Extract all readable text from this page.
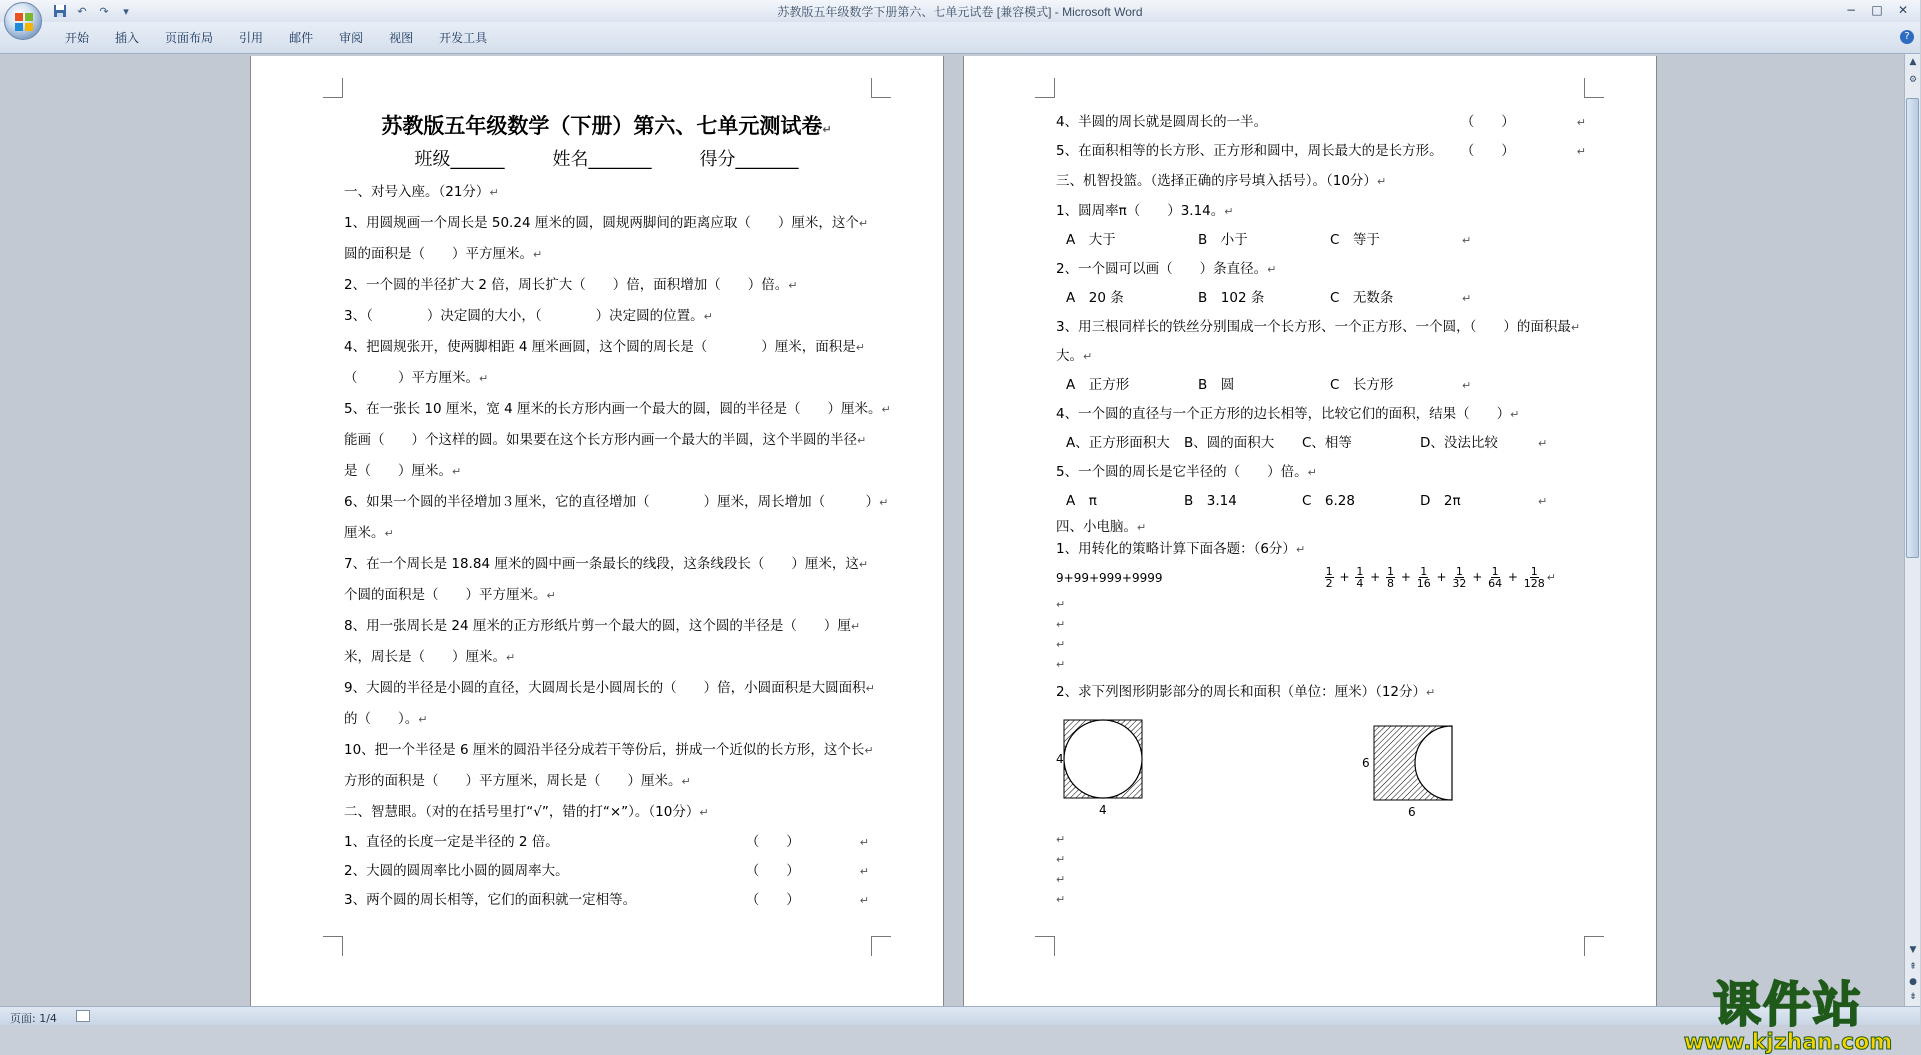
↶	↷	▾	苏教版五年级数学下册第六、七单元试卷 [兼容模式] - Microsoft Word	−	□	✕
开始	插入	页面布局	引用	邮件	审阅	视图	开发工具	?
苏教版五年级数学（下册）第六、七单元测试卷↵
班级______	姓名_______	得分_______
一、对号入座。（21分）↵
1、用圆规画一个周长是 50.24 厘米的圆，圆规两脚间的距离应取（　　）厘米，这个↵
圆的面积是（　　）平方厘米。↵
2、一个圆的半径扩大 2 倍，周长扩大（　　）倍，面积增加（　　）倍。↵
3、（　　　　）决定圆的大小，（　　　　）决定圆的位置。↵
4、把圆规张开，使两脚相距 4 厘米画圆，这个圆的周长是（　　　　）厘米，面积是↵
（　　　）平方厘米。↵
5、在一张长 10 厘米，宽 4 厘米的长方形内画一个最大的圆，圆的半径是（　　）厘米。↵
能画（　　）个这样的圆。如果要在这个长方形内画一个最大的半圆，这个半圆的半径↵
是（　　）厘米。↵
6、如果一个圆的半径增加３厘米，它的直径增加（　　　　）厘米，周长增加（　　　）↵
厘米。↵
7、在一个周长是 18.84 厘米的圆中画一条最长的线段，这条线段长（　　）厘米，这↵
个圆的面积是（　　）平方厘米。↵
8、用一张周长是 24 厘米的正方形纸片剪一个最大的圆，这个圆的半径是（　　）厘↵
米，周长是（　　）厘米。↵
9、大圆的半径是小圆的直径，大圆周长是小圆周长的（　　）倍，小圆面积是大圆面积↵
的（　　）。↵
10、把一个半径是 6 厘米的圆沿半径分成若干等份后，拼成一个近似的长方形，这个长↵
方形的面积是（　　）平方厘米，周长是（　　）厘米。↵
二、智慧眼。（对的在括号里打“√”，错的打“×”）。（10分）↵
1、直径的长度一定是半径的 2 倍。	（　　）	↵
2、大圆的圆周率比小圆的圆周率大。	（　　）	↵
3、两个圆的周长相等，它们的面积就一定相等。	（　　）	↵
4、半圆的周长就是圆周长的一半。	（　　）	↵
5、在面积相等的长方形、正方形和圆中，周长最大的是长方形。	（　　）	↵
三、机智投篮。（选择正确的序号填入括号）。（10分）↵
1、圆周率π（　　）3.14。↵
A　大于	B　小于	C　等于	↵
2、一个圆可以画（　　）条直径。↵
A　20 条	B　102 条	C　无数条	↵
3、用三根同样长的铁丝分别围成一个长方形、一个正方形、一个圆，（　　）的面积最↵
大。↵
A　正方形	B　圆	C　长方形	↵
4、一个圆的直径与一个正方形的边长相等，比较它们的面积，结果（　　）↵
A、正方形面积大	B、圆的面积大	C、相等	D、没法比较	↵
5、一个圆的周长是它半径的（　　）倍。↵
A　π	B　3.14	C　6.28	D　2π	↵
四、小电脑。↵
1、用转化的策略计算下面各题：（6分）↵
9+99+999+9999	$\frac{1}{2} + \frac{1}{4} + \frac{1}{8} + \frac{1}{16} + \frac{1}{32} + \frac{1}{64} + \frac{1}{128}$ ↵
↵
↵
↵
↵
2、求下列图形阴影部分的周长和面积（单位：厘米）（12分）↵
4
4
6
6
↵
↵
↵
↵
课件站
www.kjzhan.com
▲
⚙
▼
⇞
●
⇟
页面: 1/4
